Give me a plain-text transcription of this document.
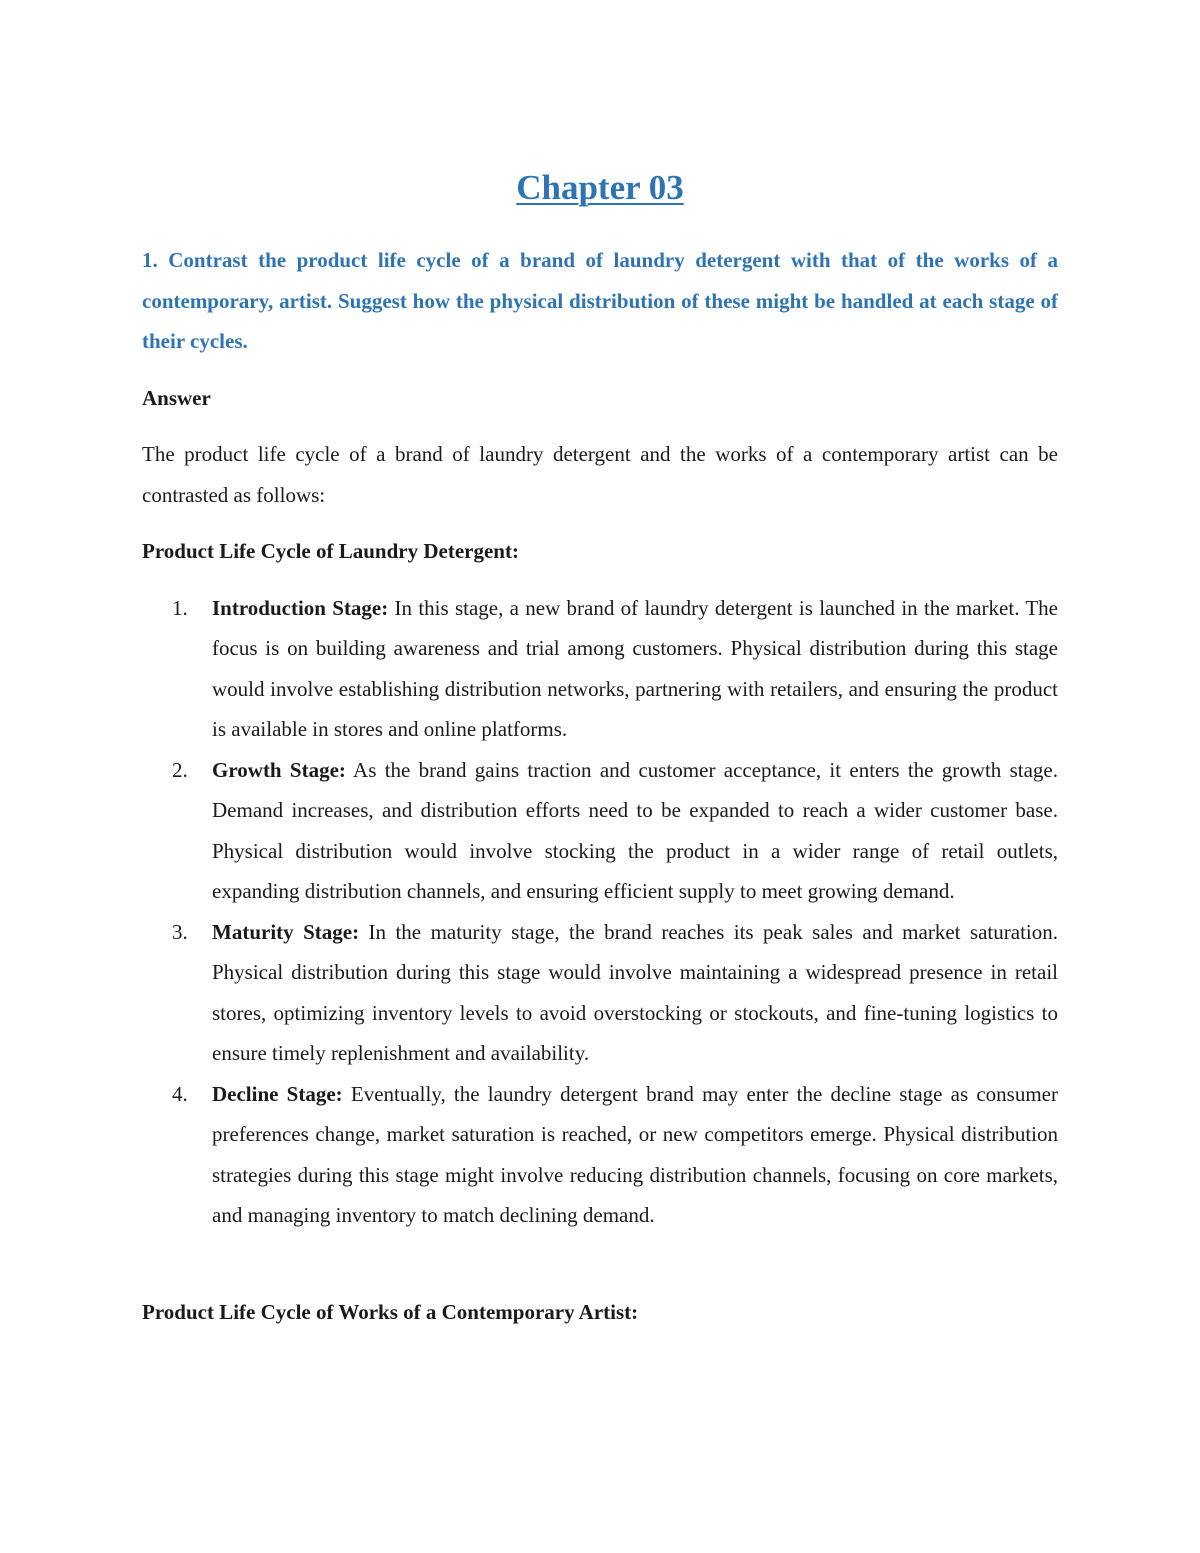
Chapter 03

1. Contrast the product life cycle of a brand of laundry detergent with that of the works of a contemporary, artist. Suggest how the physical distribution of these might be handled at each stage of their cycles.

Answer

The product life cycle of a brand of laundry detergent and the works of a contemporary artist can be contrasted as follows:

Product Life Cycle of Laundry Detergent:

1. Introduction Stage: In this stage, a new brand of laundry detergent is launched in the market. The focus is on building awareness and trial among customers. Physical distribution during this stage would involve establishing distribution networks, partnering with retailers, and ensuring the product is available in stores and online platforms.
2. Growth Stage: As the brand gains traction and customer acceptance, it enters the growth stage. Demand increases, and distribution efforts need to be expanded to reach a wider customer base. Physical distribution would involve stocking the product in a wider range of retail outlets, expanding distribution channels, and ensuring efficient supply to meet growing demand.
3. Maturity Stage: In the maturity stage, the brand reaches its peak sales and market saturation. Physical distribution during this stage would involve maintaining a widespread presence in retail stores, optimizing inventory levels to avoid overstocking or stockouts, and fine-tuning logistics to ensure timely replenishment and availability.
4. Decline Stage: Eventually, the laundry detergent brand may enter the decline stage as consumer preferences change, market saturation is reached, or new competitors emerge. Physical distribution strategies during this stage might involve reducing distribution channels, focusing on core markets, and managing inventory to match declining demand.

Product Life Cycle of Works of a Contemporary Artist:
